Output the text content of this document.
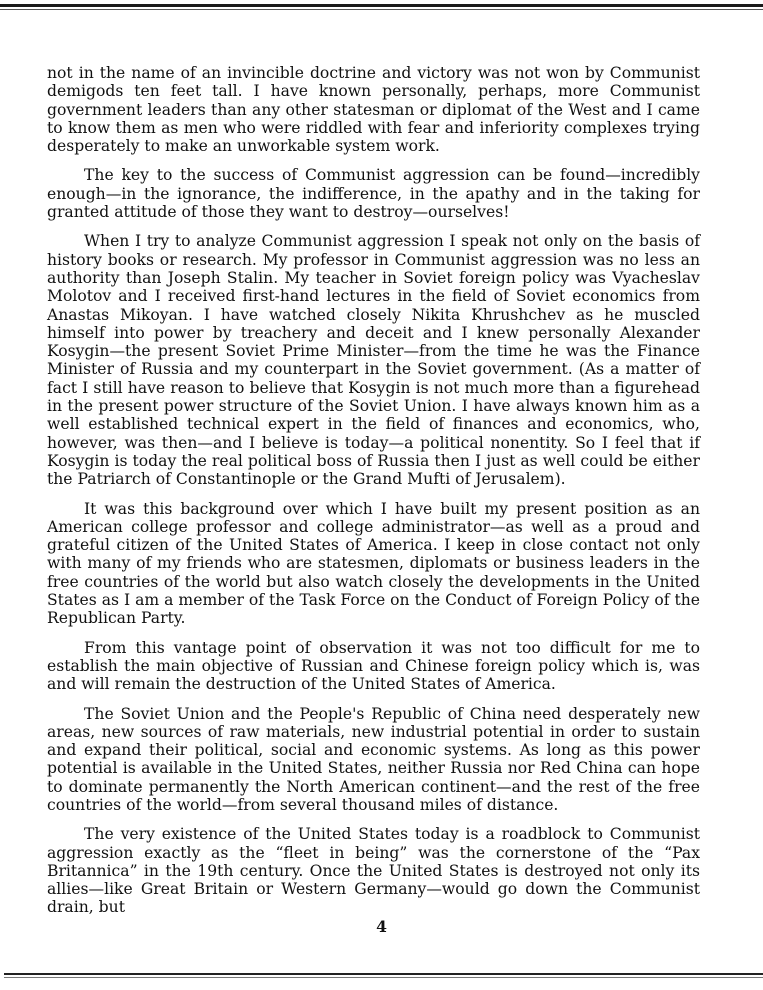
not in the name of an invincible doctrine and victory was not won by Communist demigods ten feet tall. I have known personally, perhaps, more Communist government leaders than any other statesman or diplomat of the West and I came to know them as men who were riddled with fear and inferiority complexes trying desperately to make an unworkable system work.

The key to the success of Communist aggression can be found—incredibly enough—in the ignorance, the indifference, in the apathy and in the taking for granted attitude of those they want to destroy—ourselves!

When I try to analyze Communist aggression I speak not only on the basis of history books or research. My professor in Communist aggression was no less an authority than Joseph Stalin. My teacher in Soviet foreign policy was Vyacheslav Molotov and I received first-hand lectures in the field of Soviet economics from Anastas Mikoyan. I have watched closely Nikita Khrushchev as he muscled himself into power by treachery and deceit and I knew personally Alexander Kosygin—the present Soviet Prime Minister—from the time he was the Finance Minister of Russia and my counterpart in the Soviet government. (As a matter of fact I still have reason to believe that Kosygin is not much more than a figurehead in the present power structure of the Soviet Union. I have always known him as a well established technical expert in the field of finances and economics, who, however, was then—and I believe is today—a political nonentity. So I feel that if Kosygin is today the real political boss of Russia then I just as well could be either the Patriarch of Constantinople or the Grand Mufti of Jerusalem).

It was this background over which I have built my present position as an American college professor and college administrator—as well as a proud and grateful citizen of the United States of America. I keep in close contact not only with many of my friends who are statesmen, diplomats or business leaders in the free countries of the world but also watch closely the developments in the United States as I am a member of the Task Force on the Conduct of Foreign Policy of the Republican Party.

From this vantage point of observation it was not too difficult for me to establish the main objective of Russian and Chinese foreign policy which is, was and will remain the destruction of the United States of America.

The Soviet Union and the People's Republic of China need desperately new areas, new sources of raw materials, new industrial potential in order to sustain and expand their political, social and economic systems. As long as this power potential is available in the United States, neither Russia nor Red China can hope to dominate permanently the North American continent—and the rest of the free countries of the world—from several thousand miles of distance.

The very existence of the United States today is a roadblock to Communist aggression exactly as the “fleet in being” was the cornerstone of the “Pax Britannica” in the 19th century. Once the United States is destroyed not only its allies—like Great Britain or Western Germany—would go down the Communist drain, but

4
